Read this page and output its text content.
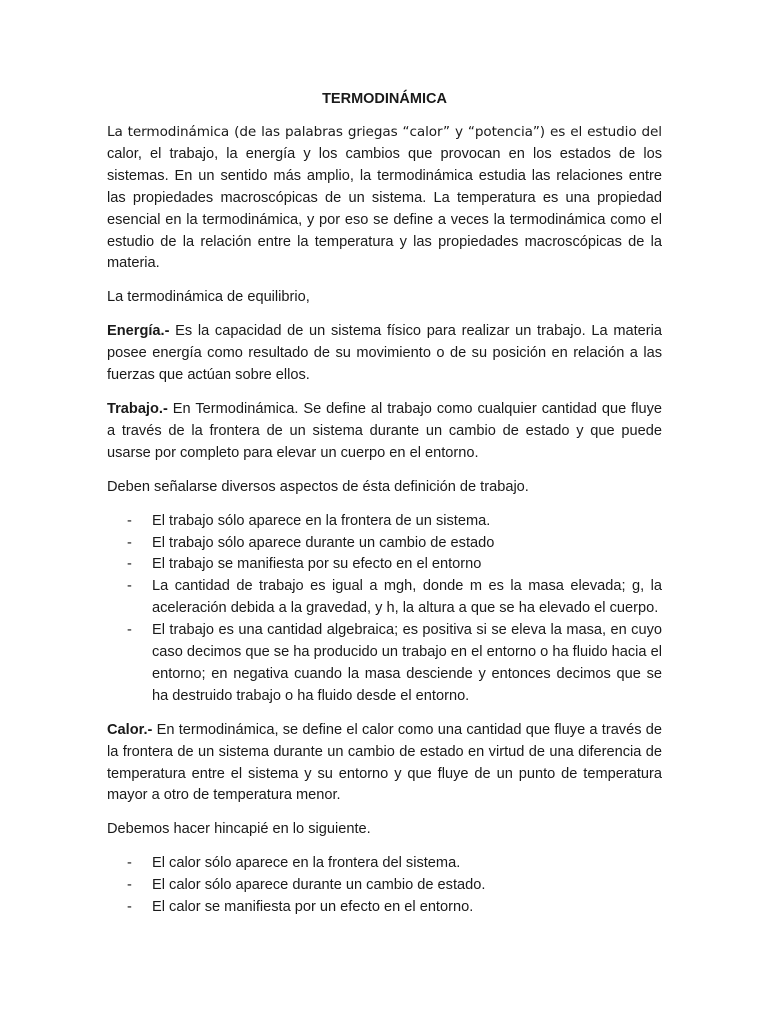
TERMODINÁMICA

La termodinámica (de las palabras griegas “calor” y “potencia”) es el estudio del calor, el trabajo, la energía y los cambios que provocan en los estados de los sistemas. En un sentido más amplio, la termodinámica estudia las relaciones entre las propiedades macroscópicas de un sistema. La temperatura es una propiedad esencial en la termodinámica, y por eso se define a veces la termodinámica como el estudio de la relación entre la temperatura y las propiedades macroscópicas de la materia.

La termodinámica de equilibrio,

Energía.- Es la capacidad de un sistema físico para realizar un trabajo. La materia posee energía como resultado de su movimiento o de su posición en relación a las fuerzas que actúan sobre ellos.

Trabajo.- En Termodinámica. Se define al trabajo como cualquier cantidad que fluye a través de la frontera de un sistema durante un cambio de estado y que puede usarse por completo para elevar un cuerpo en el entorno.

Deben señalarse diversos aspectos de ésta definición de trabajo.

- El trabajo sólo aparece en la frontera de un sistema.
- El trabajo sólo aparece durante un cambio de estado
- El trabajo se manifiesta por su efecto en el entorno
- La cantidad de trabajo es igual a mgh, donde m es la masa elevada; g, la aceleración debida a la gravedad, y h, la altura a que se ha elevado el cuerpo.
- El trabajo es una cantidad algebraica; es positiva si se eleva la masa, en cuyo caso decimos que se ha producido un trabajo en el entorno o ha fluido hacia el entorno; en negativa cuando la masa desciende y entonces decimos que se ha destruido trabajo o ha fluido desde el entorno.

Calor.- En termodinámica, se define el calor como una cantidad que fluye a través de la frontera de un sistema durante un cambio de estado en virtud de una diferencia de temperatura entre el sistema y su entorno y que fluye de un punto de temperatura mayor a otro de temperatura menor.

Debemos hacer hincapié en lo siguiente.

- El calor sólo aparece en la frontera del sistema.
- El calor sólo aparece durante un cambio de estado.
- El calor se manifiesta por un efecto en el entorno.
